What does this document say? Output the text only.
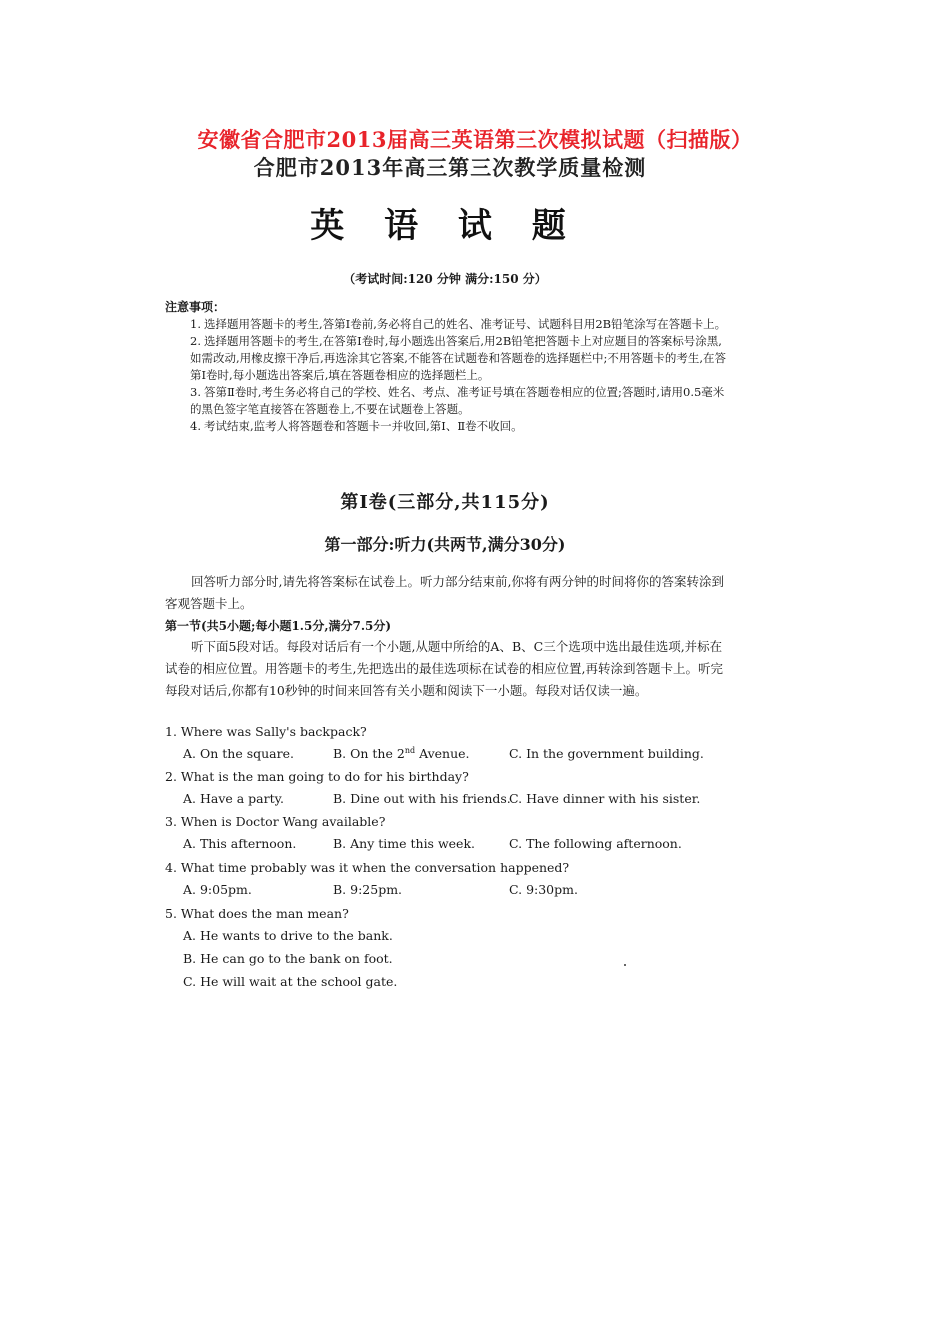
安徽省合肥市2013届高三英语第三次模拟试题（扫描版）
合肥市2013年高三第三次教学质量检测
英 语 试 题
（考试时间:120 分钟 满分:150 分）
注意事项：
1. 选择题用答题卡的考生,答第Ⅰ卷前,务必将自己的姓名、准考证号、试题科目用2B铅笔涂写在答题卡上。
2. 选择题用答题卡的考生,在答第Ⅰ卷时,每小题选出答案后,用2B铅笔把答题卡上对应题目的答案标号涂黑,如需改动,用橡皮擦干净后,再选涂其它答案,不能答在试题卷和答题卷的选择题栏中;不用答题卡的考生,在答第Ⅰ卷时,每小题选出答案后,填在答题卷相应的选择题栏上。
3. 答第Ⅱ卷时,考生务必将自己的学校、姓名、考点、准考证号填在答题卷相应的位置;答题时,请用0.5毫米的黑色签字笔直接答在答题卷上,不要在试题卷上答题。
4. 考试结束,监考人将答题卷和答题卡一并收回,第Ⅰ、Ⅱ卷不收回。
第Ⅰ卷(三部分,共115分)
第一部分:听力(共两节,满分30分)
回答听力部分时,请先将答案标在试卷上。听力部分结束前,你将有两分钟的时间将你的答案转涂到客观答题卡上。
第一节(共5小题;每小题1.5分,满分7.5分)
听下面5段对话。每段对话后有一个小题,从题中所给的A、B、C三个选项中选出最佳选项,并标在试卷的相应位置。用答题卡的考生,先把选出的最佳选项标在试卷的相应位置,再转涂到答题卡上。听完每段对话后,你都有10秒钟的时间来回答有关小题和阅读下一小题。每段对话仅读一遍。
1. Where was Sally's backpack?
A. On the square.	B. On the 2nd Avenue.	C. In the government building.
2. What is the man going to do for his birthday?
A. Have a party.	B. Dine out with his friends.
C. Have dinner with his sister.
3. When is Doctor Wang available?
A. This afternoon.	B. Any time this week.	C. The following afternoon.
4. What time probably was it when the conversation happened?
A. 9:05pm.	B. 9:25pm.	C. 9:30pm.
5. What does the man mean?
A. He wants to drive to the bank.
B. He can go to the bank on foot.
C. He will wait at the school gate.
